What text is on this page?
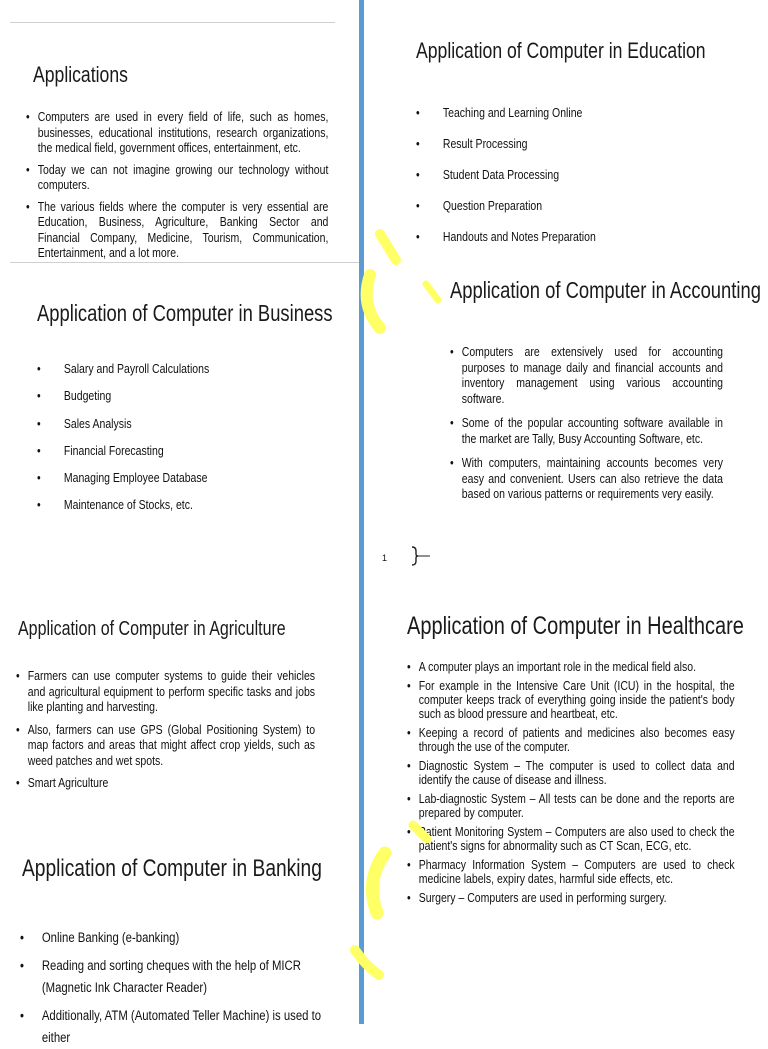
Applications
• Computers are used in every field of life, such as homes, businesses, educational institutions, research organizations, the medical field, government offices, entertainment, etc.
• Today we can not imagine growing our technology without computers.
• The various fields where the computer is very essential are Education, Business, Agriculture, Banking Sector and Financial Company, Medicine, Tourism, Communication, Entertainment, and a lot more.
Application of Computer in Education
• Teaching and Learning Online
• Result Processing
• Student Data Processing
• Question Preparation
• Handouts and Notes Preparation
Application of Computer in Business
• Salary and Payroll Calculations
• Budgeting
• Sales Analysis
• Financial Forecasting
• Managing Employee Database
• Maintenance of Stocks, etc.
Application of Computer in Accounting
• Computers are extensively used for accounting purposes to manage daily and financial accounts and inventory management using various accounting software.
• Some of the popular accounting software available in the market are Tally, Busy Accounting Software, etc.
• With computers, maintaining accounts becomes very easy and convenient. Users can also retrieve the data based on various patterns or requirements very easily.
1
Application of Computer in Agriculture
• Farmers can use computer systems to guide their vehicles and agricultural equipment to perform specific tasks and jobs like planting and harvesting.
• Also, farmers can use GPS (Global Positioning System) to map factors and areas that might affect crop yields, such as weed patches and wet spots.
• Smart Agriculture
Application of Computer in Banking
• Online Banking (e-banking)
• Reading and sorting cheques with the help of MICR (Magnetic Ink Character Reader)
• Additionally, ATM (Automated Teller Machine) is used to either
Application of Computer in Healthcare
• A computer plays an important role in the medical field also.
• For example in the Intensive Care Unit (ICU) in the hospital, the computer keeps track of everything going inside the patient's body such as blood pressure and heartbeat, etc.
• Keeping a record of patients and medicines also becomes easy through the use of the computer.
• Diagnostic System – The computer is used to collect data and identify the cause of disease and illness.
• Lab-diagnostic System – All tests can be done and the reports are prepared by computer.
• Patient Monitoring System – Computers are also used to check the patient's signs for abnormality such as CT Scan, ECG, etc.
• Pharmacy Information System – Computers are used to check medicine labels, expiry dates, harmful side effects, etc.
• Surgery – Computers are used in performing surgery.
